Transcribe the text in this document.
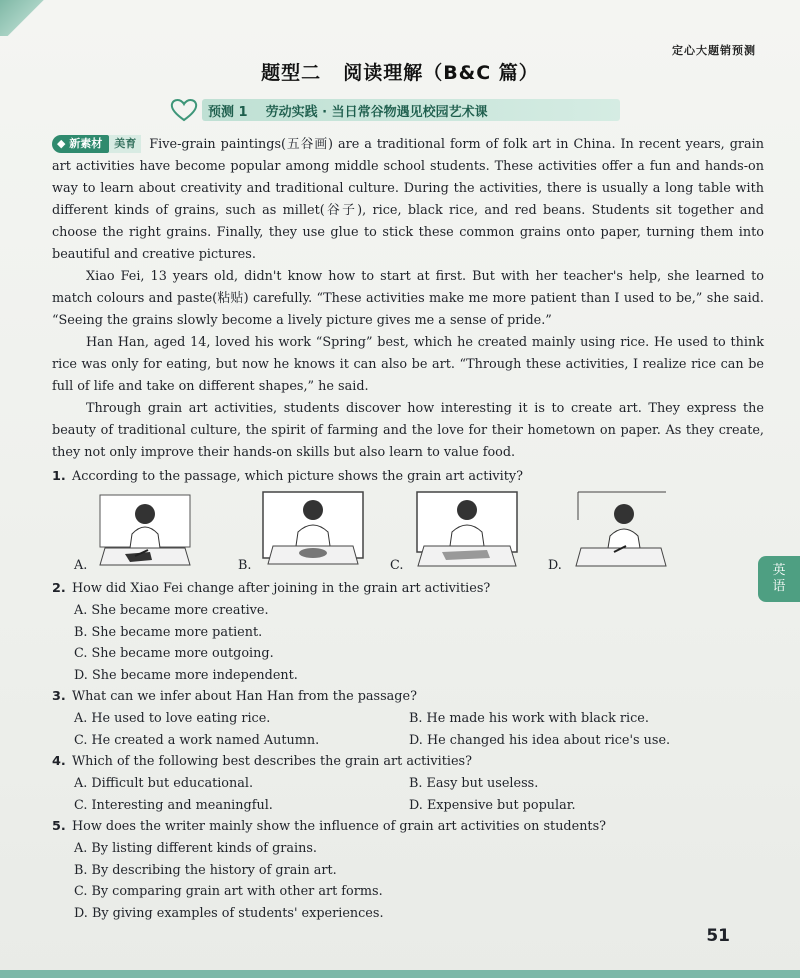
定心大题销预测
题型二 阅读理解（B&C 篇）
预测 1 劳动实践 · 当日常谷物遇见校园艺术课

◆ 新素材 美育 Five-grain paintings(五谷画) are a traditional form of folk art in China. In recent years, grain art activities have become popular among middle school students. These activities offer a fun and hands-on way to learn about creativity and traditional culture. During the activities, there is usually a long table with different kinds of grains, such as millet(谷子), rice, black rice, and red beans. Students sit together and choose the right grains. Finally, they use glue to stick these common grains onto paper, turning them into beautiful and creative pictures.

Xiao Fei, 13 years old, didn't know how to start at first. But with her teacher's help, she learned to match colours and paste(粘贴) carefully. “These activities make me more patient than I used to be,” she said. “Seeing the grains slowly become a lively picture gives me a sense of pride.”

Han Han, aged 14, loved his work “Spring” best, which he created mainly using rice. He used to think rice was only for eating, but now he knows it can also be art. “Through these activities, I realize rice can be full of life and take on different shapes,” he said.

Through grain art activities, students discover how interesting it is to create art. They express the beauty of traditional culture, the spirit of farming and the love for their hometown on paper. As they create, they not only improve their hands-on skills but also learn to value food.

1. According to the passage, which picture shows the grain art activity?
A.	B.	C.	D.
2. How did Xiao Fei change after joining in the grain art activities?
A. She became more creative.
B. She became more patient.
C. She became more outgoing.
D. She became more independent.
3. What can we infer about Han Han from the passage?
A. He used to love eating rice.	B. He made his work with black rice.
C. He created a work named Autumn.	D. He changed his idea about rice's use.
4. Which of the following best describes the grain art activities?
A. Difficult but educational.	B. Easy but useless.
C. Interesting and meaningful.	D. Expensive but popular.
5. How does the writer mainly show the influence of grain art activities on students?
A. By listing different kinds of grains.
B. By describing the history of grain art.
C. By comparing grain art with other art forms.
D. By giving examples of students' experiences.
英
语
51
